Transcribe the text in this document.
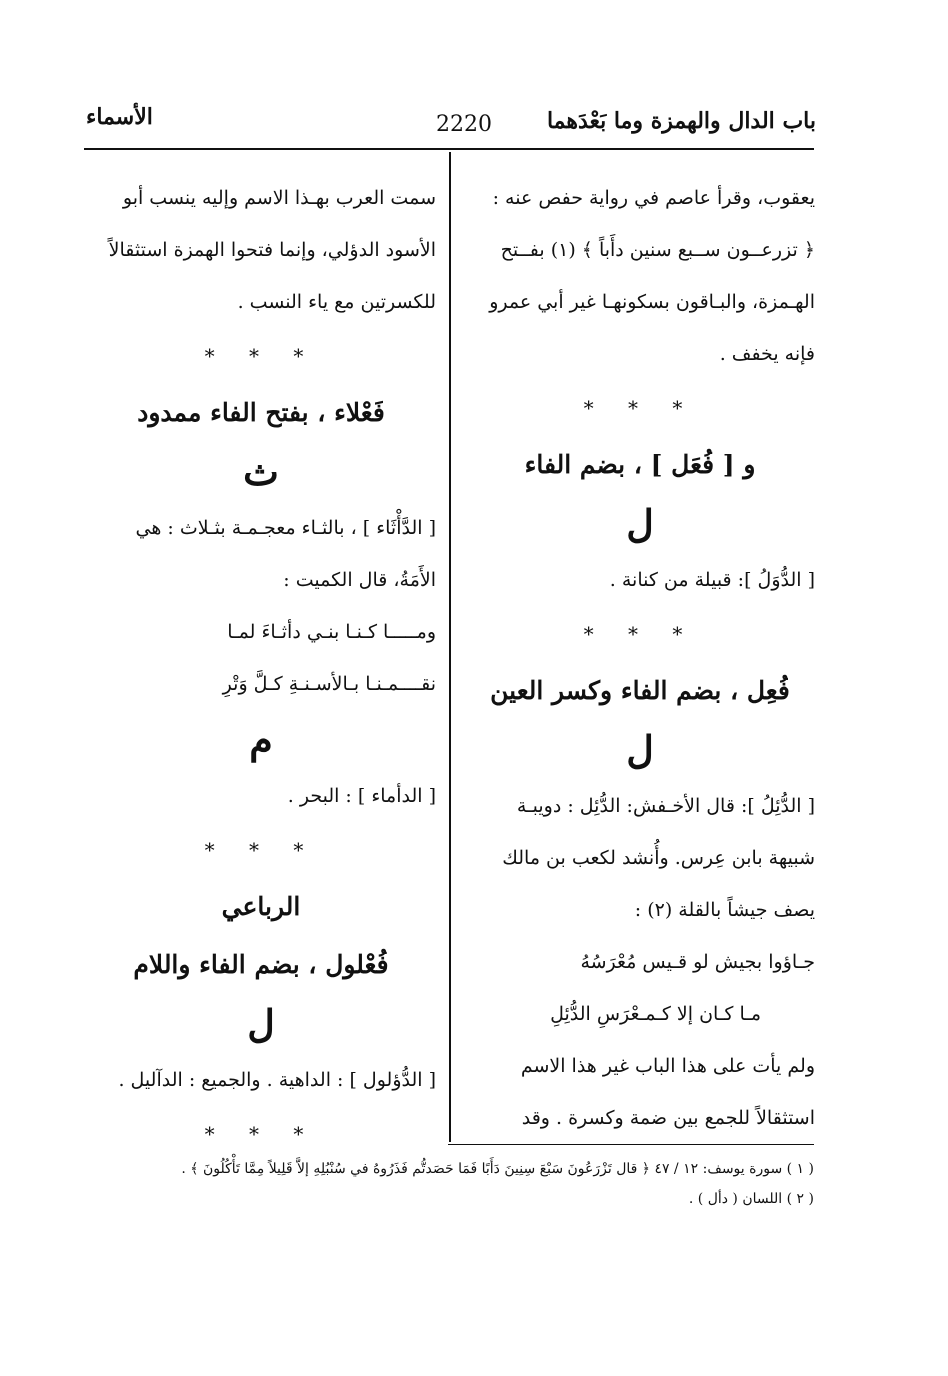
باب الدال والهمزة وما بَعْدَهما
2220
الأسماء

يعقوب، وقرأ عاصم في رواية حفص عنه :

﴿ تزرعــون ســبع سنين دأَباً ﴾ (١) بفــتح

الهـمزة، والبـاقون بسكونهـا غير أبي عمرو

فإنه يخفف .

* * *

و [ فُعَل ] ، بضم الفاء

ل

[ الدُّوَلُ ]: قبيلة من كنانة .

* * *

فُعِل ، بضم الفاء وكسر العين

ل

[ الدُّئِلُ ]: قال الأخـفش: الدُّئِل : دويبـة

شبيهة بابن عِرس. وأُنشد لكعب بن مالك

يصف جيشاً بالقلة (٢) :

جـاؤوا بجيش لو قـيس مُعْرَسُهُ

مـا كـان إلا كـمـعْرَسِ الدُّئِلِ

ولم يأت على هذا الباب غير هذا الاسم

استثقالاً للجمع بين ضمة وكسرة . وقد

سمت العرب بهـذا الاسم وإليه ينسب أبو

الأسود الدؤلي، وإنما فتحوا الهمزة استثقالاً

للكسرتين مع ياء النسب .

* * *

فَعْلاء ، بفتح الفاء ممدود

ث

[ الدَّأْثَاء ] ، بالثـاء معجـمـة بثـلاث : هي

الأَمَةُ، قال الكميت :

ومـــــا كـنـا بنـي دأثـاءَ لمـا

نقــــمـنـا بـالأسـنـةِ كـلَّ وَتْرِ

م

[ الدأماء ] : البحر .

* * *

الرباعي

فُعْلول ، بضم الفاء واللام

ل

[ الدُّؤلول ] : الداهية . والجميع : الدآليل .

* * *

( ١ ) سورة يوسف: ١٢ / ٤٧ ﴿ قال تَزْرَعُونَ سَبْعَ سِنِينَ دَأَبًا فَمَا حَصَدتُّم فَذَرُوهُ في سُنْبُلِهِ إلاَّ قَلِيلاً مِمَّا تَأْكُلُونَ ﴾ .

( ٢ ) اللسان ( دأل ) .
